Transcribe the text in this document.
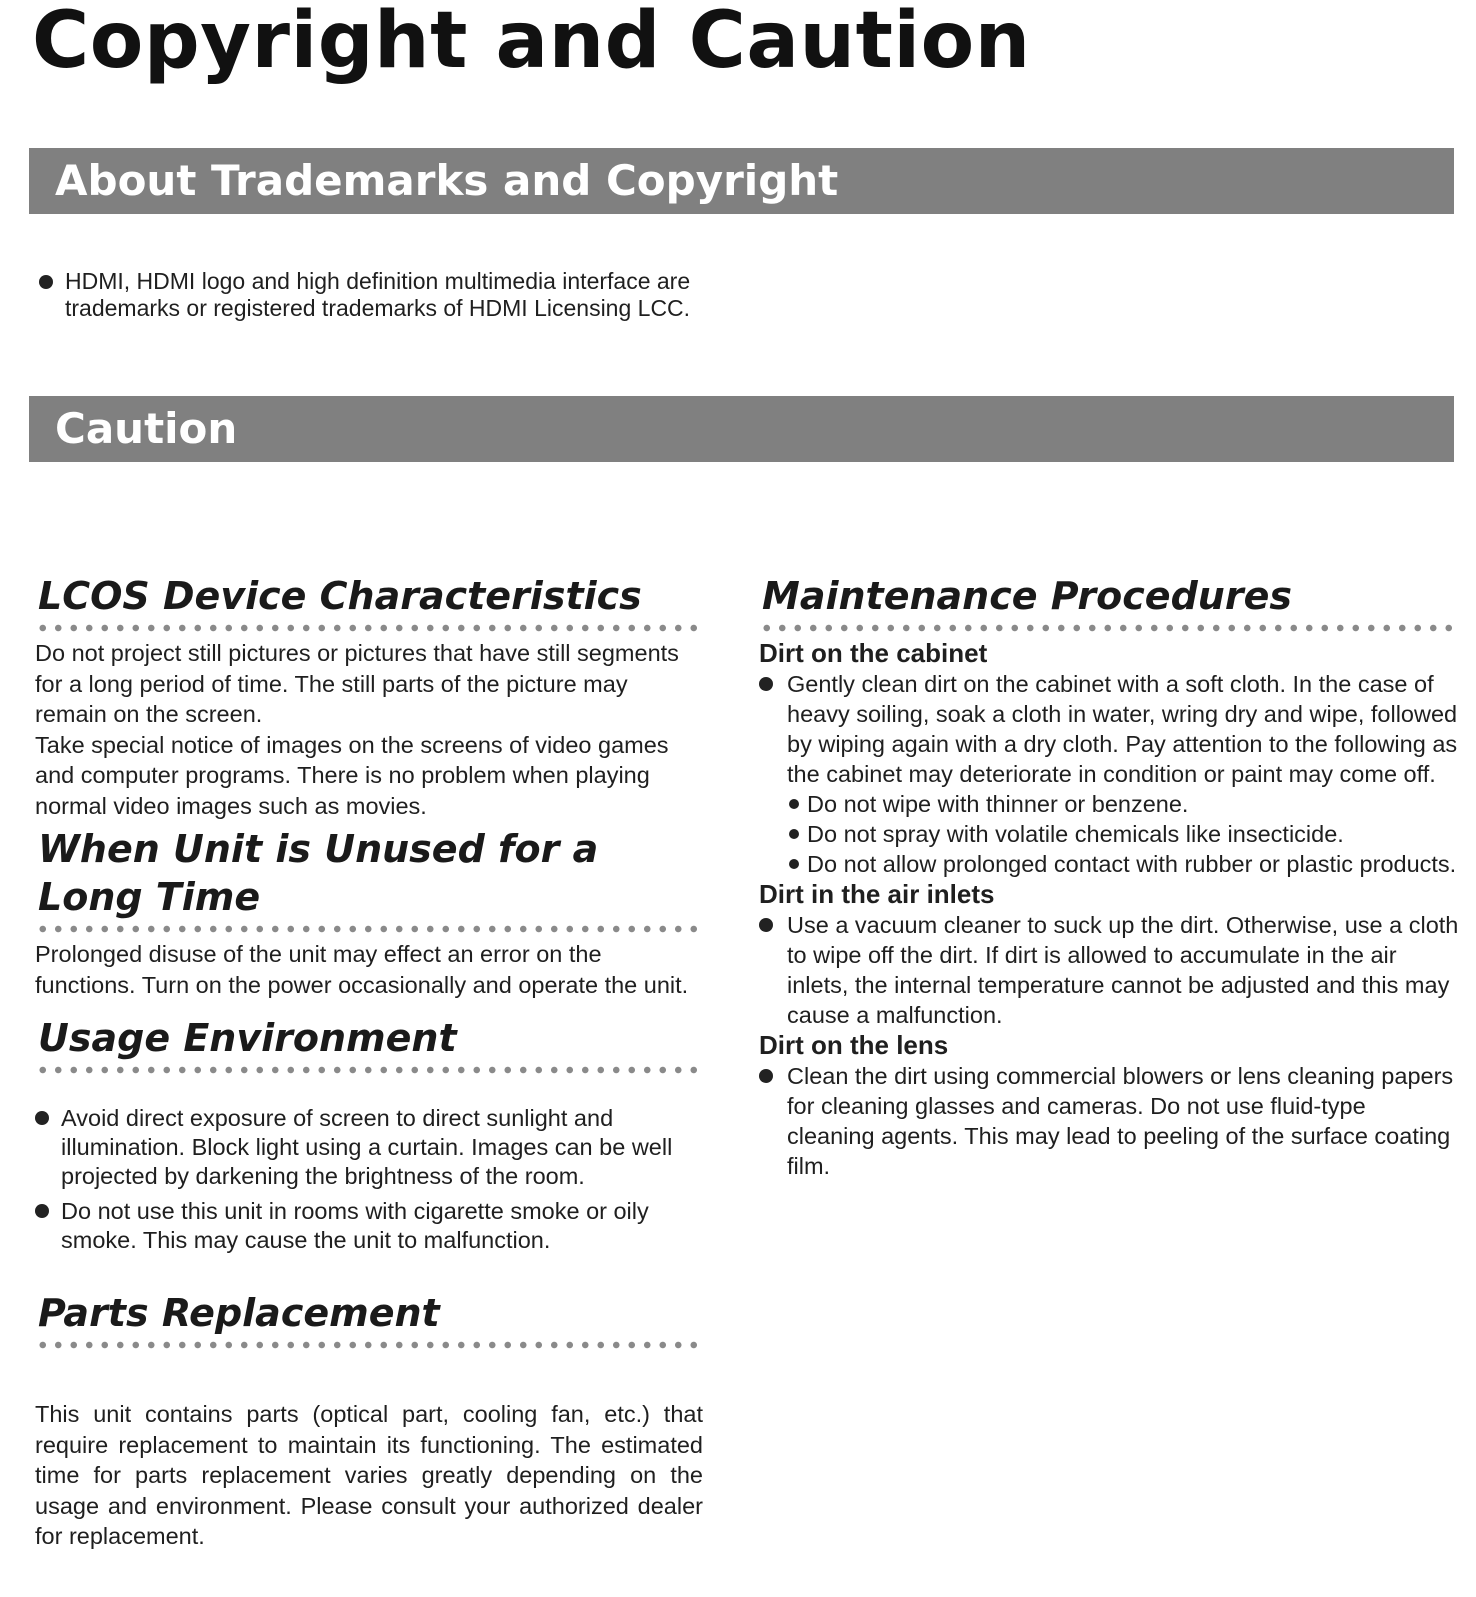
Copyright and Caution
About Trademarks and Copyright

HDMI, HDMI logo and high definition multimedia interface are trademarks or registered trademarks of HDMI Licensing LCC.

Caution
LCOS Device Characteristics

Do not project still pictures or pictures that have still segments for a long period of time. The still parts of the picture may remain on the screen.

Take special notice of images on the screens of video games and computer programs. There is no problem when playing normal video images such as movies.

When Unit is Unused for a Long Time

Prolonged disuse of the unit may effect an error on the functions. Turn on the power occasionally and operate the unit.

Usage Environment

Avoid direct exposure of screen to direct sunlight and illumination. Block light using a curtain. Images can be well projected by darkening the brightness of the room.

Do not use this unit in rooms with cigarette smoke or oily smoke. This may cause the unit to malfunction.

Parts Replacement

This unit contains parts (optical part, cooling fan, etc.) that require replacement to maintain its functioning. The estimated time for parts replacement varies greatly depending on the usage and environment. Please consult your authorized dealer for replacement.

Maintenance Procedures
Dirt on the cabinet

Gently clean dirt on the cabinet with a soft cloth. In the case of heavy soiling, soak a cloth in water, wring dry and wipe, followed by wiping again with a dry cloth. Pay attention to the following as the cabinet may deteriorate in condition or paint may come off.

Do not wipe with thinner or benzene.

Do not spray with volatile chemicals like insecticide.

Do not allow prolonged contact with rubber or plastic products.

Dirt in the air inlets

Use a vacuum cleaner to suck up the dirt. Otherwise, use a cloth to wipe off the dirt. If dirt is allowed to accumulate in the air inlets, the internal temperature cannot be adjusted and this may cause a malfunction.

Dirt on the lens

Clean the dirt using commercial blowers or lens cleaning papers for cleaning glasses and cameras. Do not use fluid-type cleaning agents. This may lead to peeling of the surface coating film.
